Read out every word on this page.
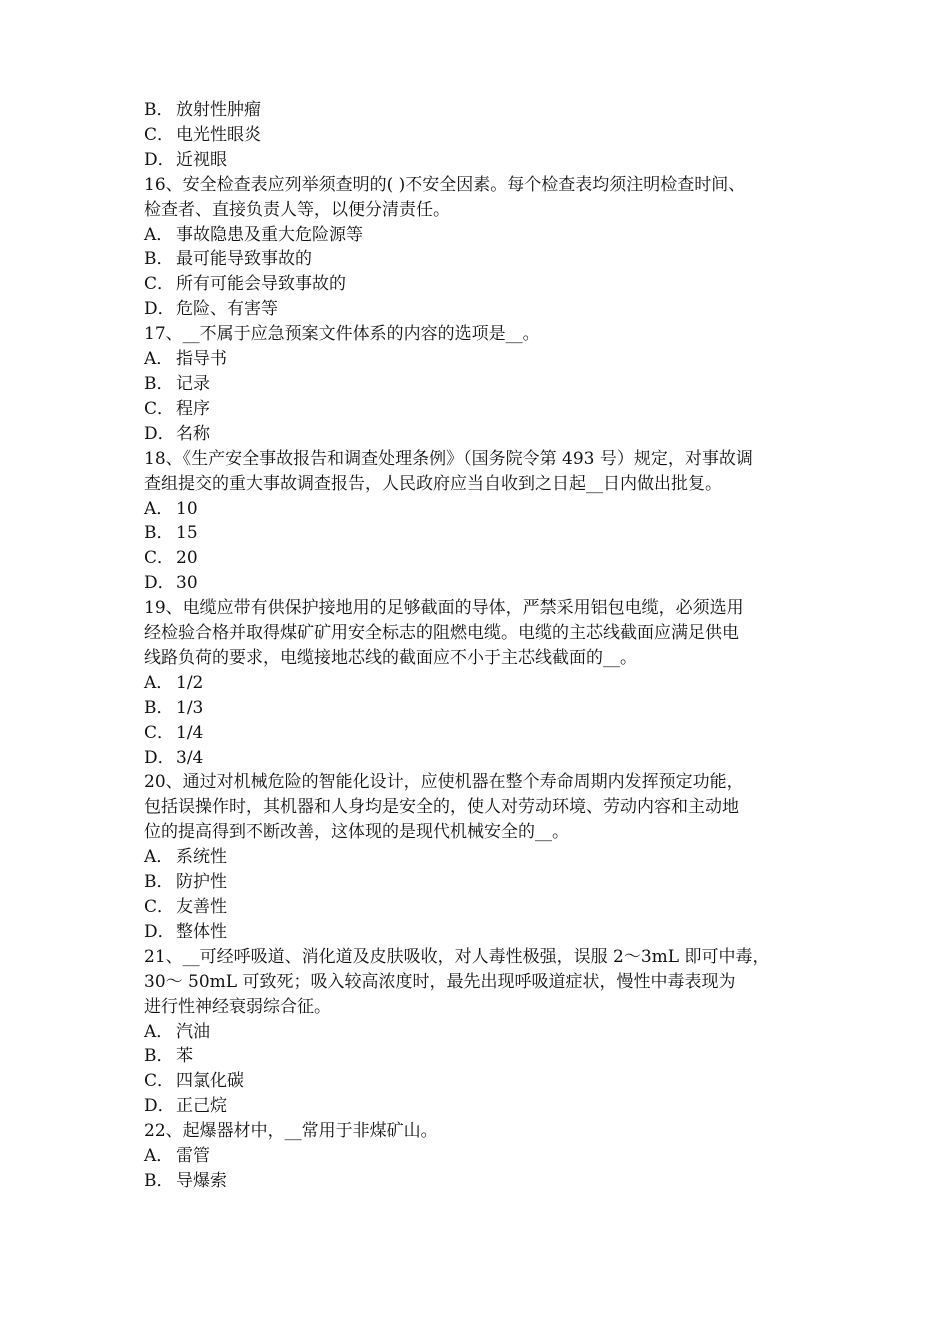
B． 放射性肿瘤
C． 电光性眼炎
D． 近视眼
16、安全检查表应列举须查明的( )不安全因素。每个检查表均须注明检查时间、
检查者、直接负责人等，以便分清责任。
A． 事故隐患及重大危险源等
B． 最可能导致事故的
C． 所有可能会导致事故的
D． 危险、有害等
17、__不属于应急预案文件体系的内容的选项是__。
A． 指导书
B． 记录
C． 程序
D． 名称
18、《生产安全事故报告和调查处理条例》（国务院令第 493 号）规定，对事故调
查组提交的重大事故调查报告，人民政府应当自收到之日起__日内做出批复。
A． 10
B． 15
C． 20
D． 30
19、电缆应带有供保护接地用的足够截面的导体，严禁采用铝包电缆，必须选用
经检验合格并取得煤矿矿用安全标志的阻燃电缆。电缆的主芯线截面应满足供电
线路负荷的要求，电缆接地芯线的截面应不小于主芯线截面的__。
A． 1/2
B． 1/3
C． 1/4
D． 3/4
20、通过对机械危险的智能化设计，应使机器在整个寿命周期内发挥预定功能，
包括误操作时，其机器和人身均是安全的，使人对劳动环境、劳动内容和主动地
位的提高得到不断改善，这体现的是现代机械安全的__。
A． 系统性
B． 防护性
C． 友善性
D． 整体性
21、__可经呼吸道、消化道及皮肤吸收，对人毒性极强，误服 2～3mL 即可中毒，
30～ 50mL 可致死；吸入较高浓度时，最先出现呼吸道症状，慢性中毒表现为
进行性神经衰弱综合征。
A． 汽油
B． 苯
C． 四氯化碳
D． 正己烷
22、起爆器材中，__常用于非煤矿山。
A． 雷管
B． 导爆索
